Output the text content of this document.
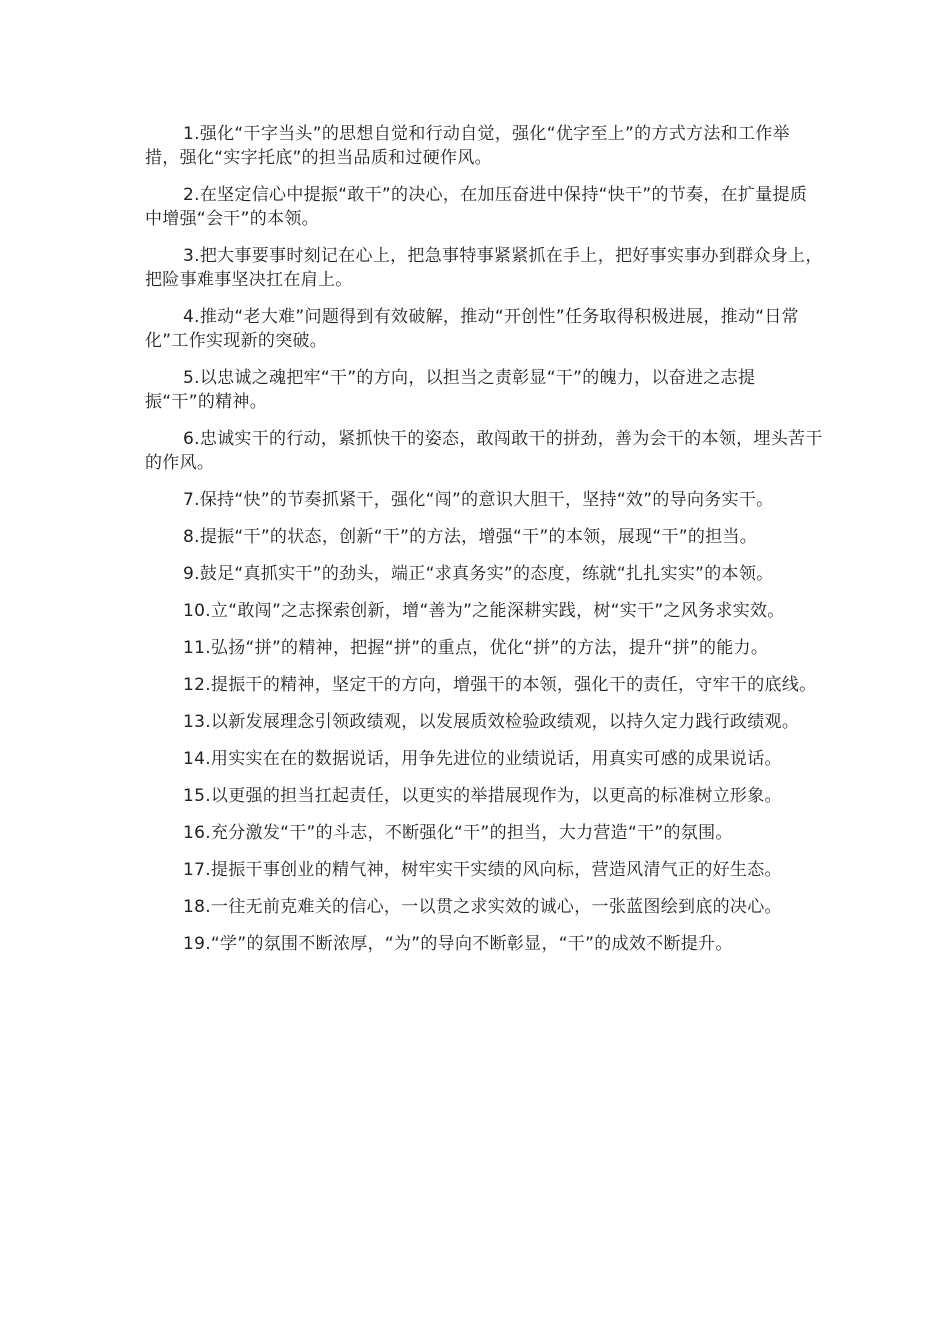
1.强化“干字当头”的思想自觉和行动自觉，强化“优字至上”的方式方法和工作举措，强化“实字托底”的担当品质和过硬作风。

2.在坚定信心中提振“敢干”的决心，在加压奋进中保持“快干”的节奏，在扩量提质中增强“会干”的本领。

3.把大事要事时刻记在心上，把急事特事紧紧抓在手上，把好事实事办到群众身上，把险事难事坚决扛在肩上。

4.推动“老大难”问题得到有效破解，推动“开创性”任务取得积极进展，推动“日常化”工作实现新的突破。

5.以忠诚之魂把牢“干”的方向，以担当之责彰显“干”的魄力，以奋进之志提振“干”的精神。

6.忠诚实干的行动，紧抓快干的姿态，敢闯敢干的拼劲，善为会干的本领，埋头苦干的作风。

7.保持“快”的节奏抓紧干，强化“闯”的意识大胆干，坚持“效”的导向务实干。

8.提振“干”的状态，创新“干”的方法，增强“干”的本领，展现“干”的担当。

9.鼓足“真抓实干”的劲头，端正“求真务实”的态度，练就“扎扎实实”的本领。

10.立“敢闯”之志探索创新，增“善为”之能深耕实践，树“实干”之风务求实效。

11.弘扬“拼”的精神，把握“拼”的重点，优化“拼”的方法，提升“拼”的能力。

12.提振干的精神，坚定干的方向，增强干的本领，强化干的责任，守牢干的底线。

13.以新发展理念引领政绩观，以发展质效检验政绩观，以持久定力践行政绩观。

14.用实实在在的数据说话，用争先进位的业绩说话，用真实可感的成果说话。

15.以更强的担当扛起责任，以更实的举措展现作为，以更高的标准树立形象。

16.充分激发“干”的斗志，不断强化“干”的担当，大力营造“干”的氛围。

17.提振干事创业的精气神，树牢实干实绩的风向标，营造风清气正的好生态。

18.一往无前克难关的信心，一以贯之求实效的诚心，一张蓝图绘到底的决心。

19.“学”的氛围不断浓厚，“为”的导向不断彰显，“干”的成效不断提升。
